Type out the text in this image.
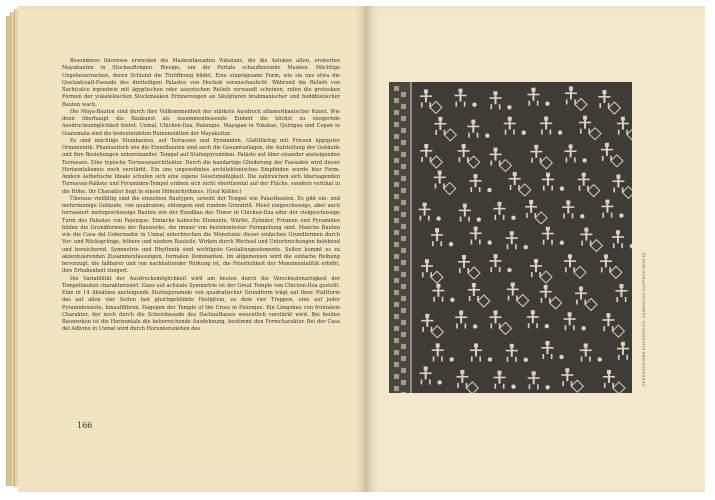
Besonderes Interesse erwecken die Maskenfassaden Yukatans, die die Azteken alten, eroberten Mayabauten in Stuckaufträgen. Riesige, um die Portale schaufbasunde Masken. Mächtige Ungeheuerrachen, deren Schlund die Türöffnung bildet. Eine einprägsame Form, wie sie uns etwa die Quetzalcoatl-Fassade des dreiteiligen Palastes von Hochob veranschaulicht. Während die Reliefs von Xochicalco irgendwie mit ägyptischen oder assyrischen Reliefs verwandt scheinen, rufen die grotesken Formen der yukatekischen Stuckmasken Erinnerungen an Skulpturen brahmanischer und buddhistischer Bauten wach.

Die Maya-Bauten sind durch ihre Vollkommenheit der stärkste Ausdruck altamerikanischer Kunst. Wie denn überhaupt die Baukunst als zusammenfassende Einheit die höchst zu steigernde Ausdrucksmöglichkeit bietet. Uxmal, Chichen-Itza, Palenque, Mayapan in Yukatan, Quirigua und Copan in Guatemala sind die bedeutendsten Ruinenstätten der Mayakultur.

Es sind mächtige Steinbauten, auf Terrassen und Pyramiden. Glattflächig mit Friesen üppigster Ornamentik. Phantastisch wie die Einzelbauten sind auch die Gesamtanlagen, die Aufstellung der Gebäude und ihre Beziehungen untereinander. Tempel auf Stufenpyramiden. Paläste auf über einander ansteigenden Terrassen. Eine typische Terrassenarchitektur. Durch die bandartige Gliederung der Fassaden wird dieser Horizontalismus noch verstärkt. Ein uns ungewohntes architektonisches Empfinden wurde hier Form. Andere ästhetische Ideale schufen sich eine eigene Gesetzmäßigkeit. Die zahlreichen sich übersagenden Terrassen-Paläste und Pyramiden-Tempel ordnen sich nicht vbertizontal auf der Fläche, sondern vertikal in die Höhe. Ihr Charakter liegt in einem Höhenrhythmus. (Graf Keßler.)

Überaus vielfältig sind die einzelnen Bautypen, sowohl der Tempel wie Palastbauten. Es gibt ein- und mehrräumige Gebäude, von quadratem, oblongem und rundem Grundriß. Meist eingeschossige, aber auch terrassiert mehrgeschossige Bauten wie der Rundbau des Tower in Chichen-Itza oder der vielgeschossige Turm des Palastes von Palenque. Einfache kubische Elemente, Würfel, Zylinder, Prismen und Pyramiden bilden die Grundformen der Bauwerke, die immer von bestimmtester Formgebung sind. Manche Bauten wie die Casa del Gobernador in Uxmal unterbrechen die Monotonie dieser einfachen Grundformen durch Vor- und Rücksprünge, höhere und niedere Bauteile. Wirken durch Wechsel und Unterbrechungen belebend und bereichernd. Symmetrie und Rhythmik sind wichtigste Gestaltungselemente. Selten kommt es zu akzentuierenden Zusammenfassungen, formalen Dominanten. Im allgemeinen wird die einfache Reihung bevorzugt, die faßbarer und von nachhaltender Wirkung ist, die Feierlichkeit der Monumentalität erhöht, ihre Erhabenheit steigert.

Die Variabilität der Ausdrucksmöglichkeit wird am besten durch die Verschiedenartigkeit der Tempelbauten charakterisiert. Ganz auf achsiale Symmetrie ist der Great Temple von Chichen-Itza gestellt. Eine in 14 Absätzen ansteigende Stufenpyramide von quadratischer Grundform trägt auf ihrer Plattform das auf allen vier Seiten fast gleichgebildete Heiligtum, zu dem vier Treppen, eine auf jeder Pyramidenseite, hinaufführen. Dagegen der Temple of the Cross in Palenque. Ein Längsbau von frontalem Charakter, der noch durch die Scheinfassade des Dachaufbaues wesentlich verstärkt wird. Bei beiden Bauwerken ist die Horizontale die beherrschende Ausdehnung, bestimmt den Formcharakter. Bei der Casa del Adivino in Uxmal wird durch Heruntersziehen des

166
PERUANISCHER BILDTEPPICH. SAMMLUNG GAFFRON BERLIN
